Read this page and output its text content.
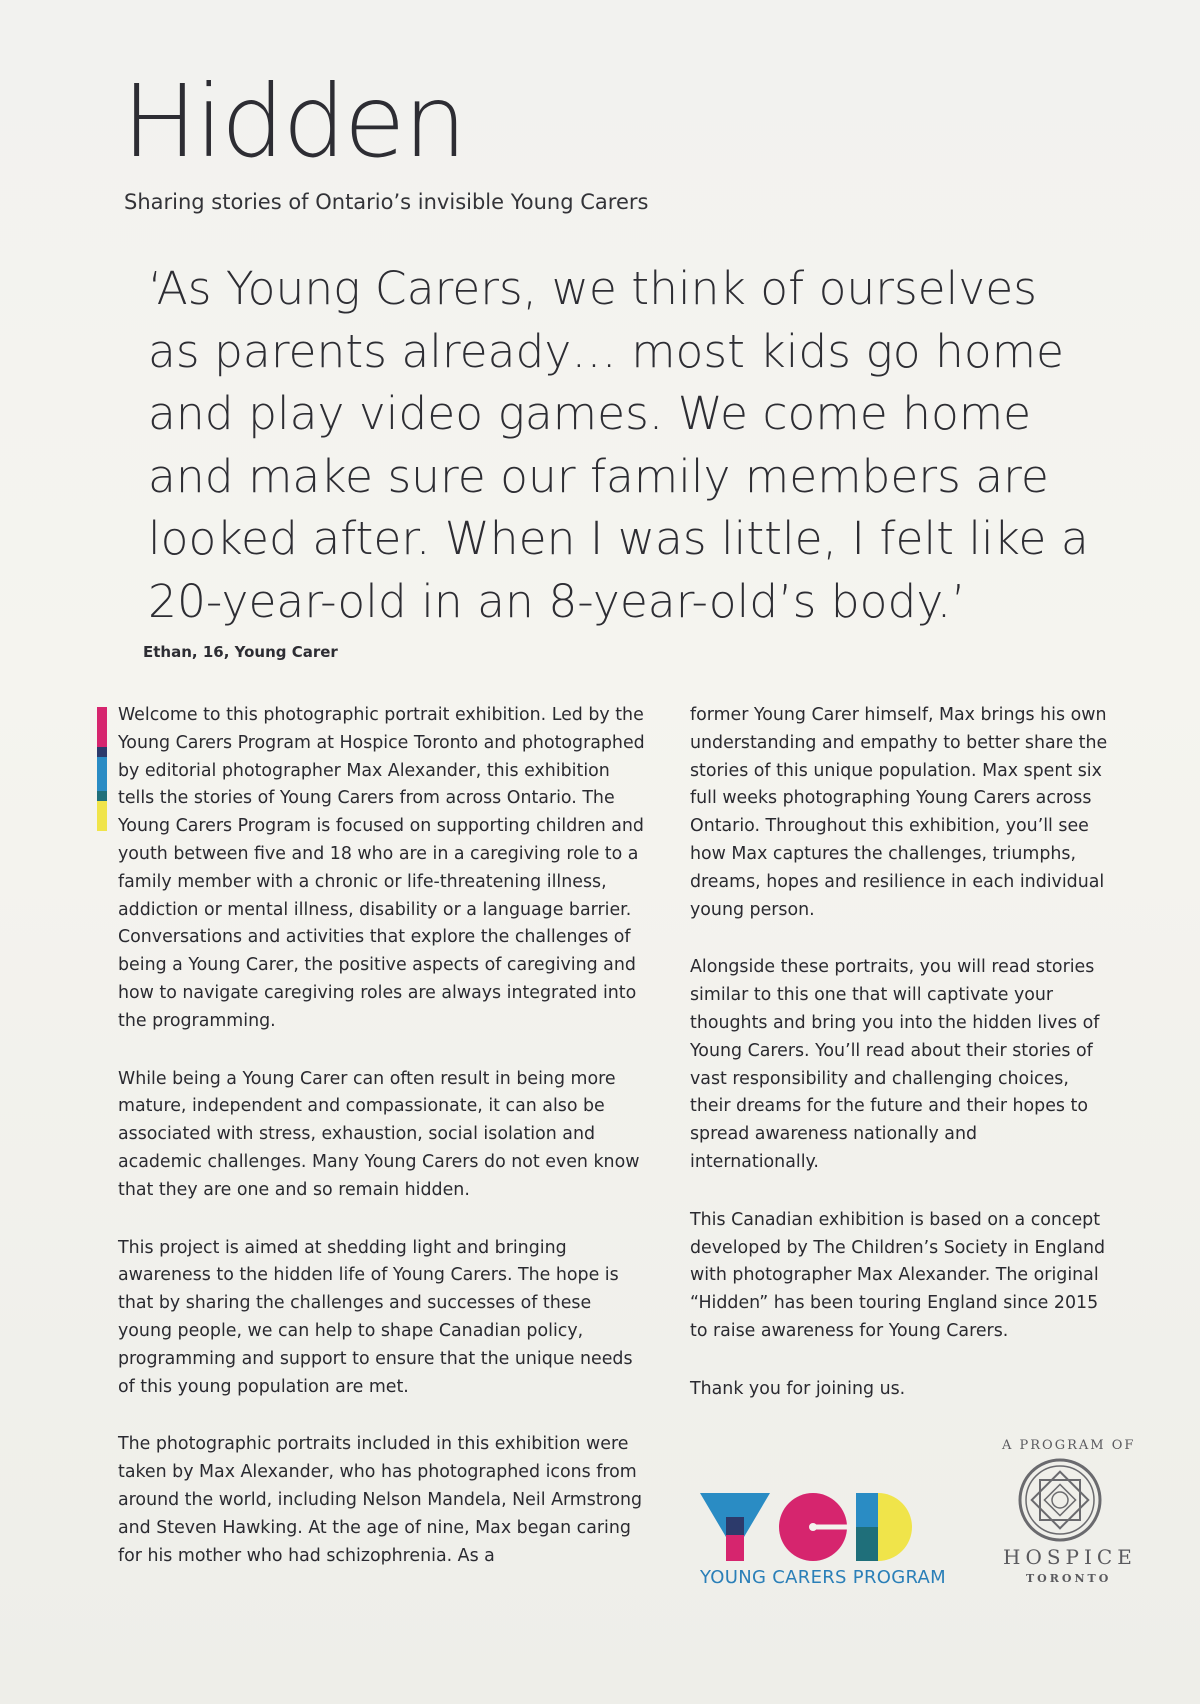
Hidden

Sharing stories of Ontario’s invisible Young Carers

‘As Young Carers, we think of ourselves as parents already… most kids go home and play video games. We come home and make sure our family members are looked after. When I was little, I felt like a 20-year-old in an 8-year-old’s body.’

Ethan, 16, Young Carer

Welcome to this photographic portrait exhibition. Led by the Young Carers Program at Hospice Toronto and photographed by editorial photographer Max Alexander, this exhibition tells the stories of Young Carers from across Ontario. The Young Carers Program is focused on supporting children and youth between five and 18 who are in a caregiving role to a family member with a chronic or life-threatening illness, addiction or mental illness, disability or a language barrier. Conversations and activities that explore the challenges of being a Young Carer, the positive aspects of caregiving and how to navigate caregiving roles are always integrated into the programming.

While being a Young Carer can often result in being more mature, independent and compassionate, it can also be associated with stress, exhaustion, social isolation and academic challenges. Many Young Carers do not even know that they are one and so remain hidden.

This project is aimed at shedding light and bringing awareness to the hidden life of Young Carers. The hope is that by sharing the challenges and successes of these young people, we can help to shape Canadian policy, programming and support to ensure that the unique needs of this young population are met.

The photographic portraits included in this exhibition were taken by Max Alexander, who has photographed icons from around the world, including Nelson Mandela, Neil Armstrong and Steven Hawking. At the age of nine, Max began caring for his mother who had schizophrenia. As a

former Young Carer himself, Max brings his own understanding and empathy to better share the stories of this unique population. Max spent six full weeks photographing Young Carers across Ontario. Throughout this exhibition, you’ll see how Max captures the challenges, triumphs, dreams, hopes and resilience in each individual young person.

Alongside these portraits, you will read stories similar to this one that will captivate your thoughts and bring you into the hidden lives of Young Carers. You’ll read about their stories of vast responsibility and challenging choices, their dreams for the future and their hopes to spread awareness nationally and internationally.

This Canadian exhibition is based on a concept developed by The Children’s Society in England with photographer Max Alexander. The original “Hidden” has been touring England since 2015 to raise awareness for Young Carers.

Thank you for joining us.

A PROGRAM OF

YOUNG CARERS PROGRAM

HOSPICE

TORONTO
